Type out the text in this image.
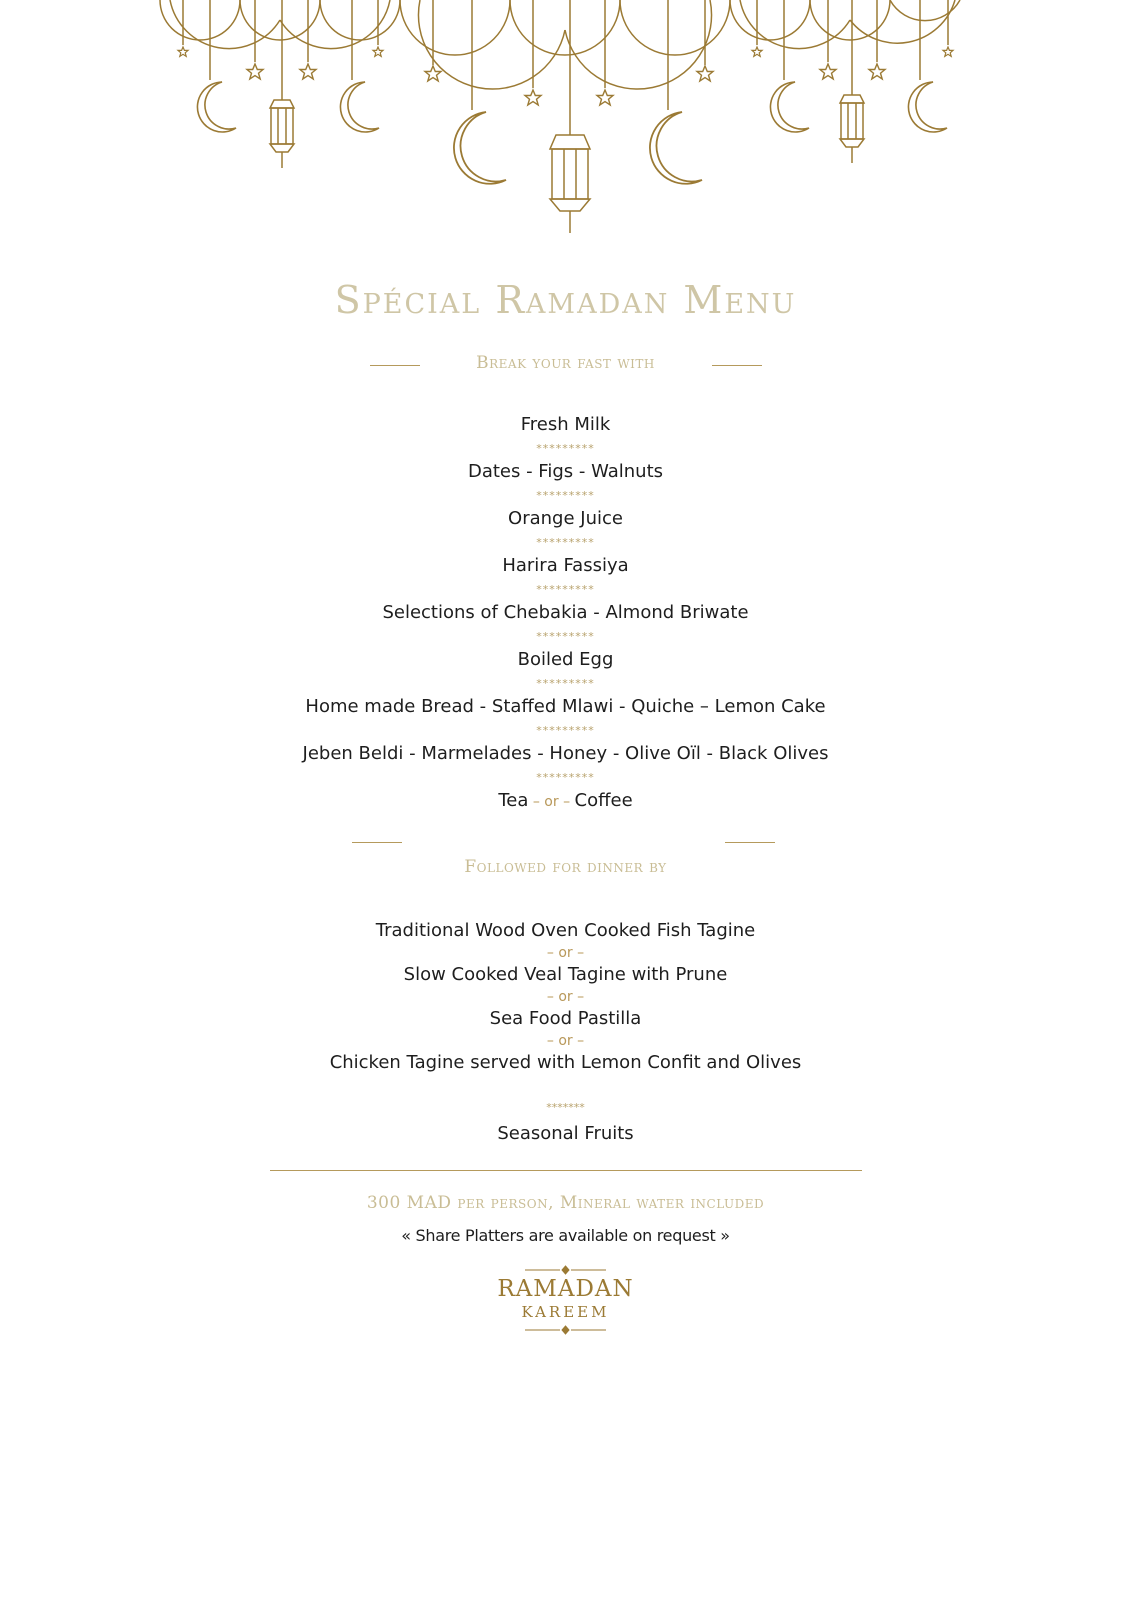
Spécial Ramadan Menu
Break your fast with
Fresh Milk
*********
Dates - Figs - Walnuts
*********
Orange Juice
*********
Harira Fassiya
*********
Selections of Chebakia - Almond Briwate
*********
Boiled Egg
*********
Home made Bread - Staffed Mlawi - Quiche – Lemon Cake
*********
Jeben Beldi - Marmelades - Honey - Olive Oïl - Black Olives
*********
Tea – or – Coffee
Followed for dinner by
Traditional Wood Oven Cooked Fish Tagine
– or –
Slow Cooked Veal Tagine with Prune
– or –
Sea Food Pastilla
– or –
Chicken Tagine served with Lemon Confit and Olives
*******
Seasonal Fruits
300 MAD per person, Mineral water included
« Share Platters are available on request »
RAMADAN
KAREEM
